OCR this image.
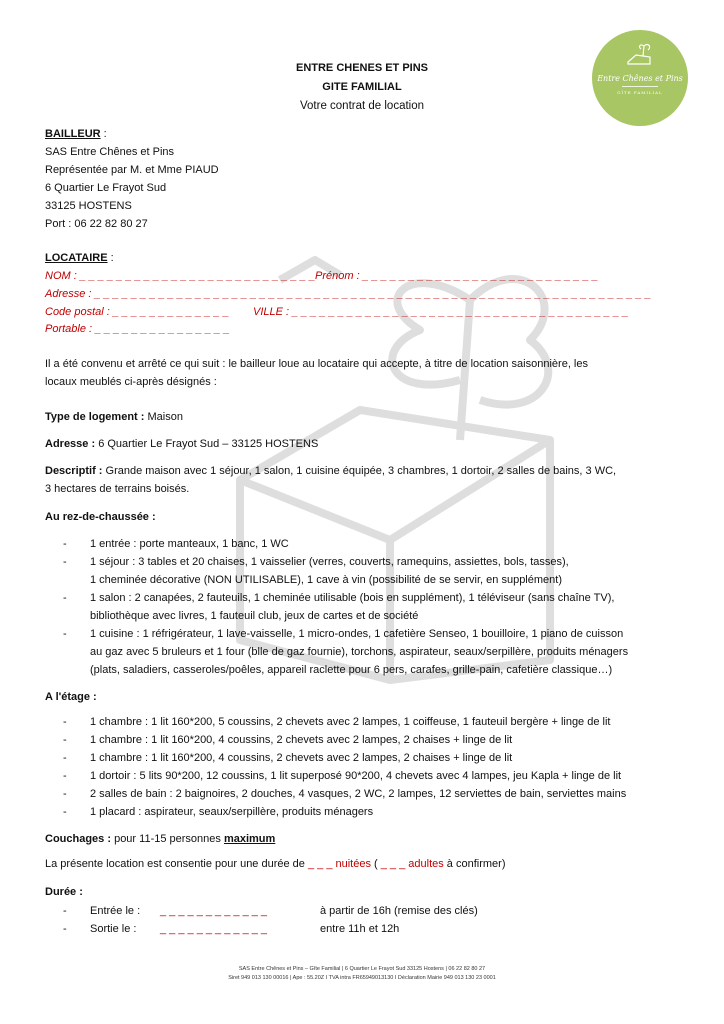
Entre Chênes et Pins
GÎTE FAMILIAL
ENTRE CHENES ET PINS
GITE FAMILIAL
Votre contrat de location
BAILLEUR :
SAS Entre Chênes et Pins
Représentée par M. et Mme PIAUD
6 Quartier Le Frayot Sud
33125 HOSTENS
Port : 06 22 82 80 27
LOCATAIRE :
NOM : _ _ _ _ _ _ _ _ _ _ _ _ _ _ _ _ _ _ _ _ _ _ _ _ _ _ Prénom : _ _ _ _ _ _ _ _ _ _ _ _ _ _ _ _ _ _ _ _ _ _ _ _ _ _
Adresse : _ _ _ _ _ _ _ _ _ _ _ _ _ _ _ _ _ _ _ _ _ _ _ _ _ _ _ _ _ _ _ _ _ _ _ _ _ _ _ _ _ _ _ _ _ _ _ _ _ _ _ _ _ _ _ _ _ _ _ _ _
Code postal : _ _ _ _ _ _ _ _ _ _ _ _ _ VILLE : _ _ _ _ _ _ _ _ _ _ _ _ _ _ _ _ _ _ _ _ _ _ _ _ _ _ _ _ _ _ _ _ _ _ _ _ _
Portable : _ _ _ _ _ _ _ _ _ _ _ _ _ _ _
Il a été convenu et arrêté ce qui suit : le bailleur loue au locataire qui accepte, à titre de location saisonnière, les
locaux meublés ci-après désignés :
Type de logement : Maison
Adresse : 6 Quartier Le Frayot Sud – 33125 HOSTENS
Descriptif : Grande maison avec 1 séjour, 1 salon, 1 cuisine équipée, 3 chambres, 1 dortoir, 2 salles de bains, 3 WC,
3 hectares de terrains boisés.
Au rez-de-chaussée :
- 1 entrée : porte manteaux, 1 banc, 1 WC
- 1 séjour : 3 tables et 20 chaises, 1 vaisselier (verres, couverts, ramequins, assiettes, bols, tasses),
1 cheminée décorative (NON UTILISABLE), 1 cave à vin (possibilité de se servir, en supplément)
- 1 salon : 2 canapées, 2 fauteuils, 1 cheminée utilisable (bois en supplément), 1 téléviseur (sans chaîne TV),
bibliothèque avec livres, 1 fauteuil club, jeux de cartes et de société
- 1 cuisine : 1 réfrigérateur, 1 lave-vaisselle, 1 micro-ondes, 1 cafetière Senseo, 1 bouilloire, 1 piano de cuisson
au gaz avec 5 bruleurs et 1 four (blle de gaz fournie), torchons, aspirateur, seaux/serpillère, produits ménagers
(plats, saladiers, casseroles/poêles, appareil raclette pour 6 pers, carafes, grille-pain, cafetière classique…)
A l'étage :
- 1 chambre : 1 lit 160*200, 5 coussins, 2 chevets avec 2 lampes, 1 coiffeuse, 1 fauteuil bergère + linge de lit
- 1 chambre : 1 lit 160*200, 4 coussins, 2 chevets avec 2 lampes, 2 chaises + linge de lit
- 1 chambre : 1 lit 160*200, 4 coussins, 2 chevets avec 2 lampes, 2 chaises + linge de lit
- 1 dortoir : 5 lits 90*200, 12 coussins, 1 lit superposé 90*200, 4 chevets avec 4 lampes, jeu Kapla + linge de lit
- 2 salles de bain : 2 baignoires, 2 douches, 4 vasques, 2 WC, 2 lampes, 12 serviettes de bain, serviettes mains
- 1 placard : aspirateur, seaux/serpillère, produits ménagers
Couchages : pour 11-15 personnes maximum
La présente location est consentie pour une durée de _ _ _ nuitées ( _ _ _ adultes à confirmer)
Durée :
- Entrée le : _ _ _ _ _ _ _ _ _ _ _ _	à partir de 16h (remise des clés)
- Sortie le : _ _ _ _ _ _ _ _ _ _ _ _	entre 11h et 12h
SAS Entre Chênes et Pins – Gîte Familial | 6 Quartier Le Frayot Sud 33125 Hostens | 06 22 82 80 27
Siret 949 013 130 00016 | Ape : 55.20Z I TVA intra FR65949013130 I Déclaration Mairie 949 013 130 23 0001
